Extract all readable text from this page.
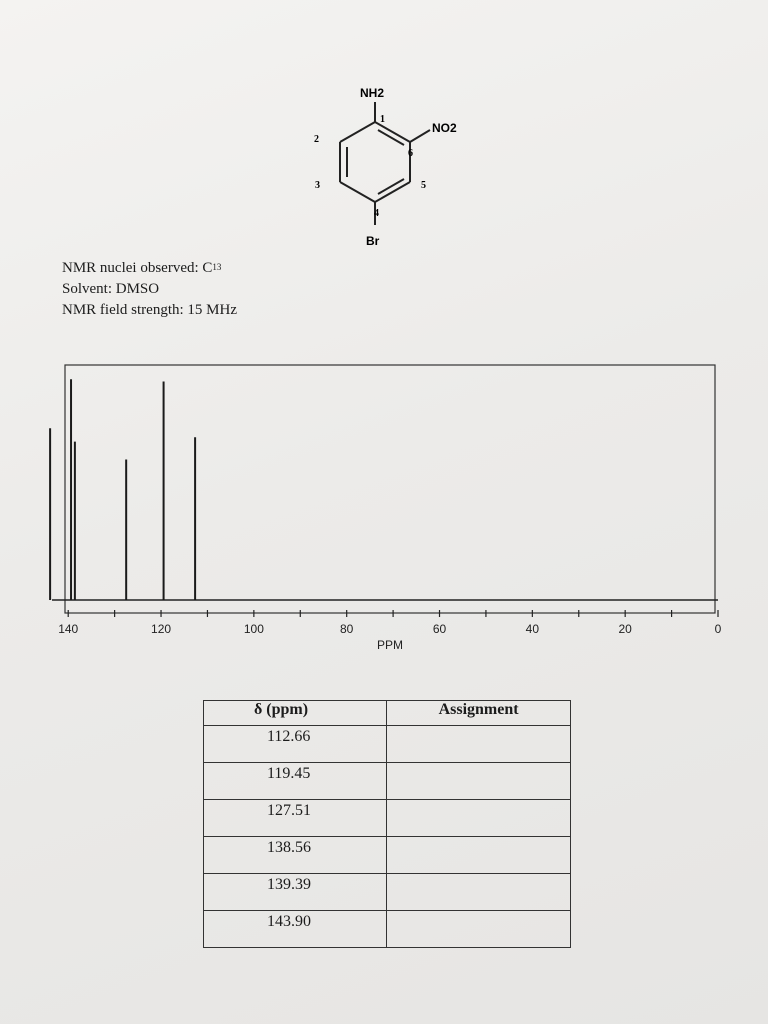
NH2
NO2
Br
1
2
3
4
5
6
NMR nuclei observed: $C^{13}$
Solvent: DMSO
NMR field strength: 15 MHz
140	120	100	80	60	40	20	0
PPM
δ (ppm)	Assignment

112.66	

119.45	

127.51	

138.56	

139.39	

143.90	
